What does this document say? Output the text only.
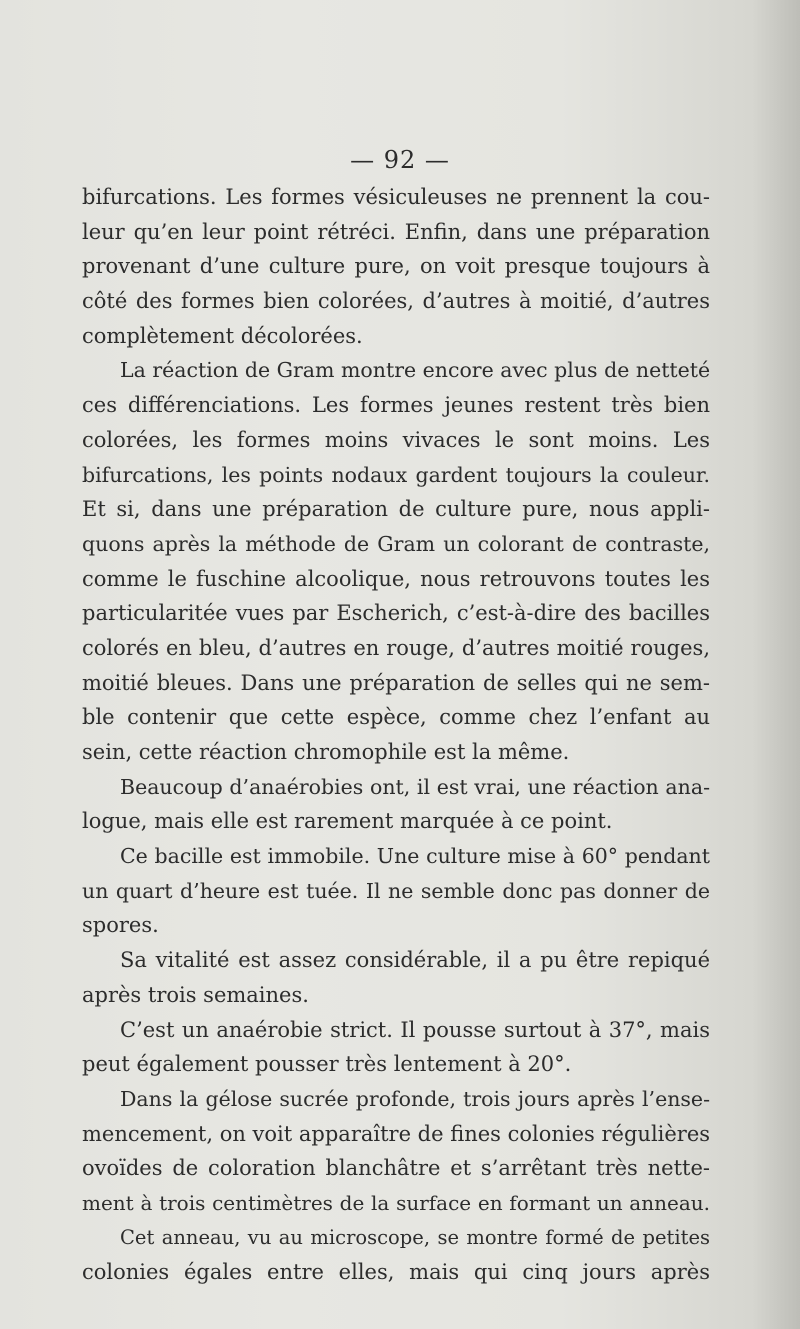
— 92 —
bifurcations. Les formes vésiculeuses ne prennent la cou-
leur qu’en leur point rétréci. Enfin, dans une préparation
provenant d’une culture pure, on voit presque toujours à
côté des formes bien colorées, d’autres à moitié, d’autres
complètement décolorées.
La réaction de Gram montre encore avec plus de netteté
ces différenciations. Les formes jeunes restent très bien
colorées, les formes moins vivaces le sont moins. Les
bifurcations, les points nodaux gardent toujours la couleur.
Et si, dans une préparation de culture pure, nous appli-
quons après la méthode de Gram un colorant de contraste,
comme le fuschine alcoolique, nous retrouvons toutes les
particularitée vues par Escherich, c’est-à-dire des bacilles
colorés en bleu, d’autres en rouge, d’autres moitié rouges,
moitié bleues. Dans une préparation de selles qui ne sem-
ble contenir que cette espèce, comme chez l’enfant au
sein, cette réaction chromophile est la même.
Beaucoup d’anaérobies ont, il est vrai, une réaction ana-
logue, mais elle est rarement marquée à ce point.
Ce bacille est immobile. Une culture mise à 60° pendant
un quart d’heure est tuée. Il ne semble donc pas donner de
spores.
Sa vitalité est assez considérable, il a pu être repiqué
après trois semaines.
C’est un anaérobie strict. Il pousse surtout à 37°, mais
peut également pousser très lentement à 20°.
Dans la gélose sucrée profonde, trois jours après l’ense-
mencement, on voit apparaître de fines colonies régulières
ovoïdes de coloration blanchâtre et s’arrêtant très nette-
ment à trois centimètres de la surface en formant un anneau.
Cet anneau, vu au microscope, se montre formé de petites
colonies égales entre elles, mais qui cinq jours après
